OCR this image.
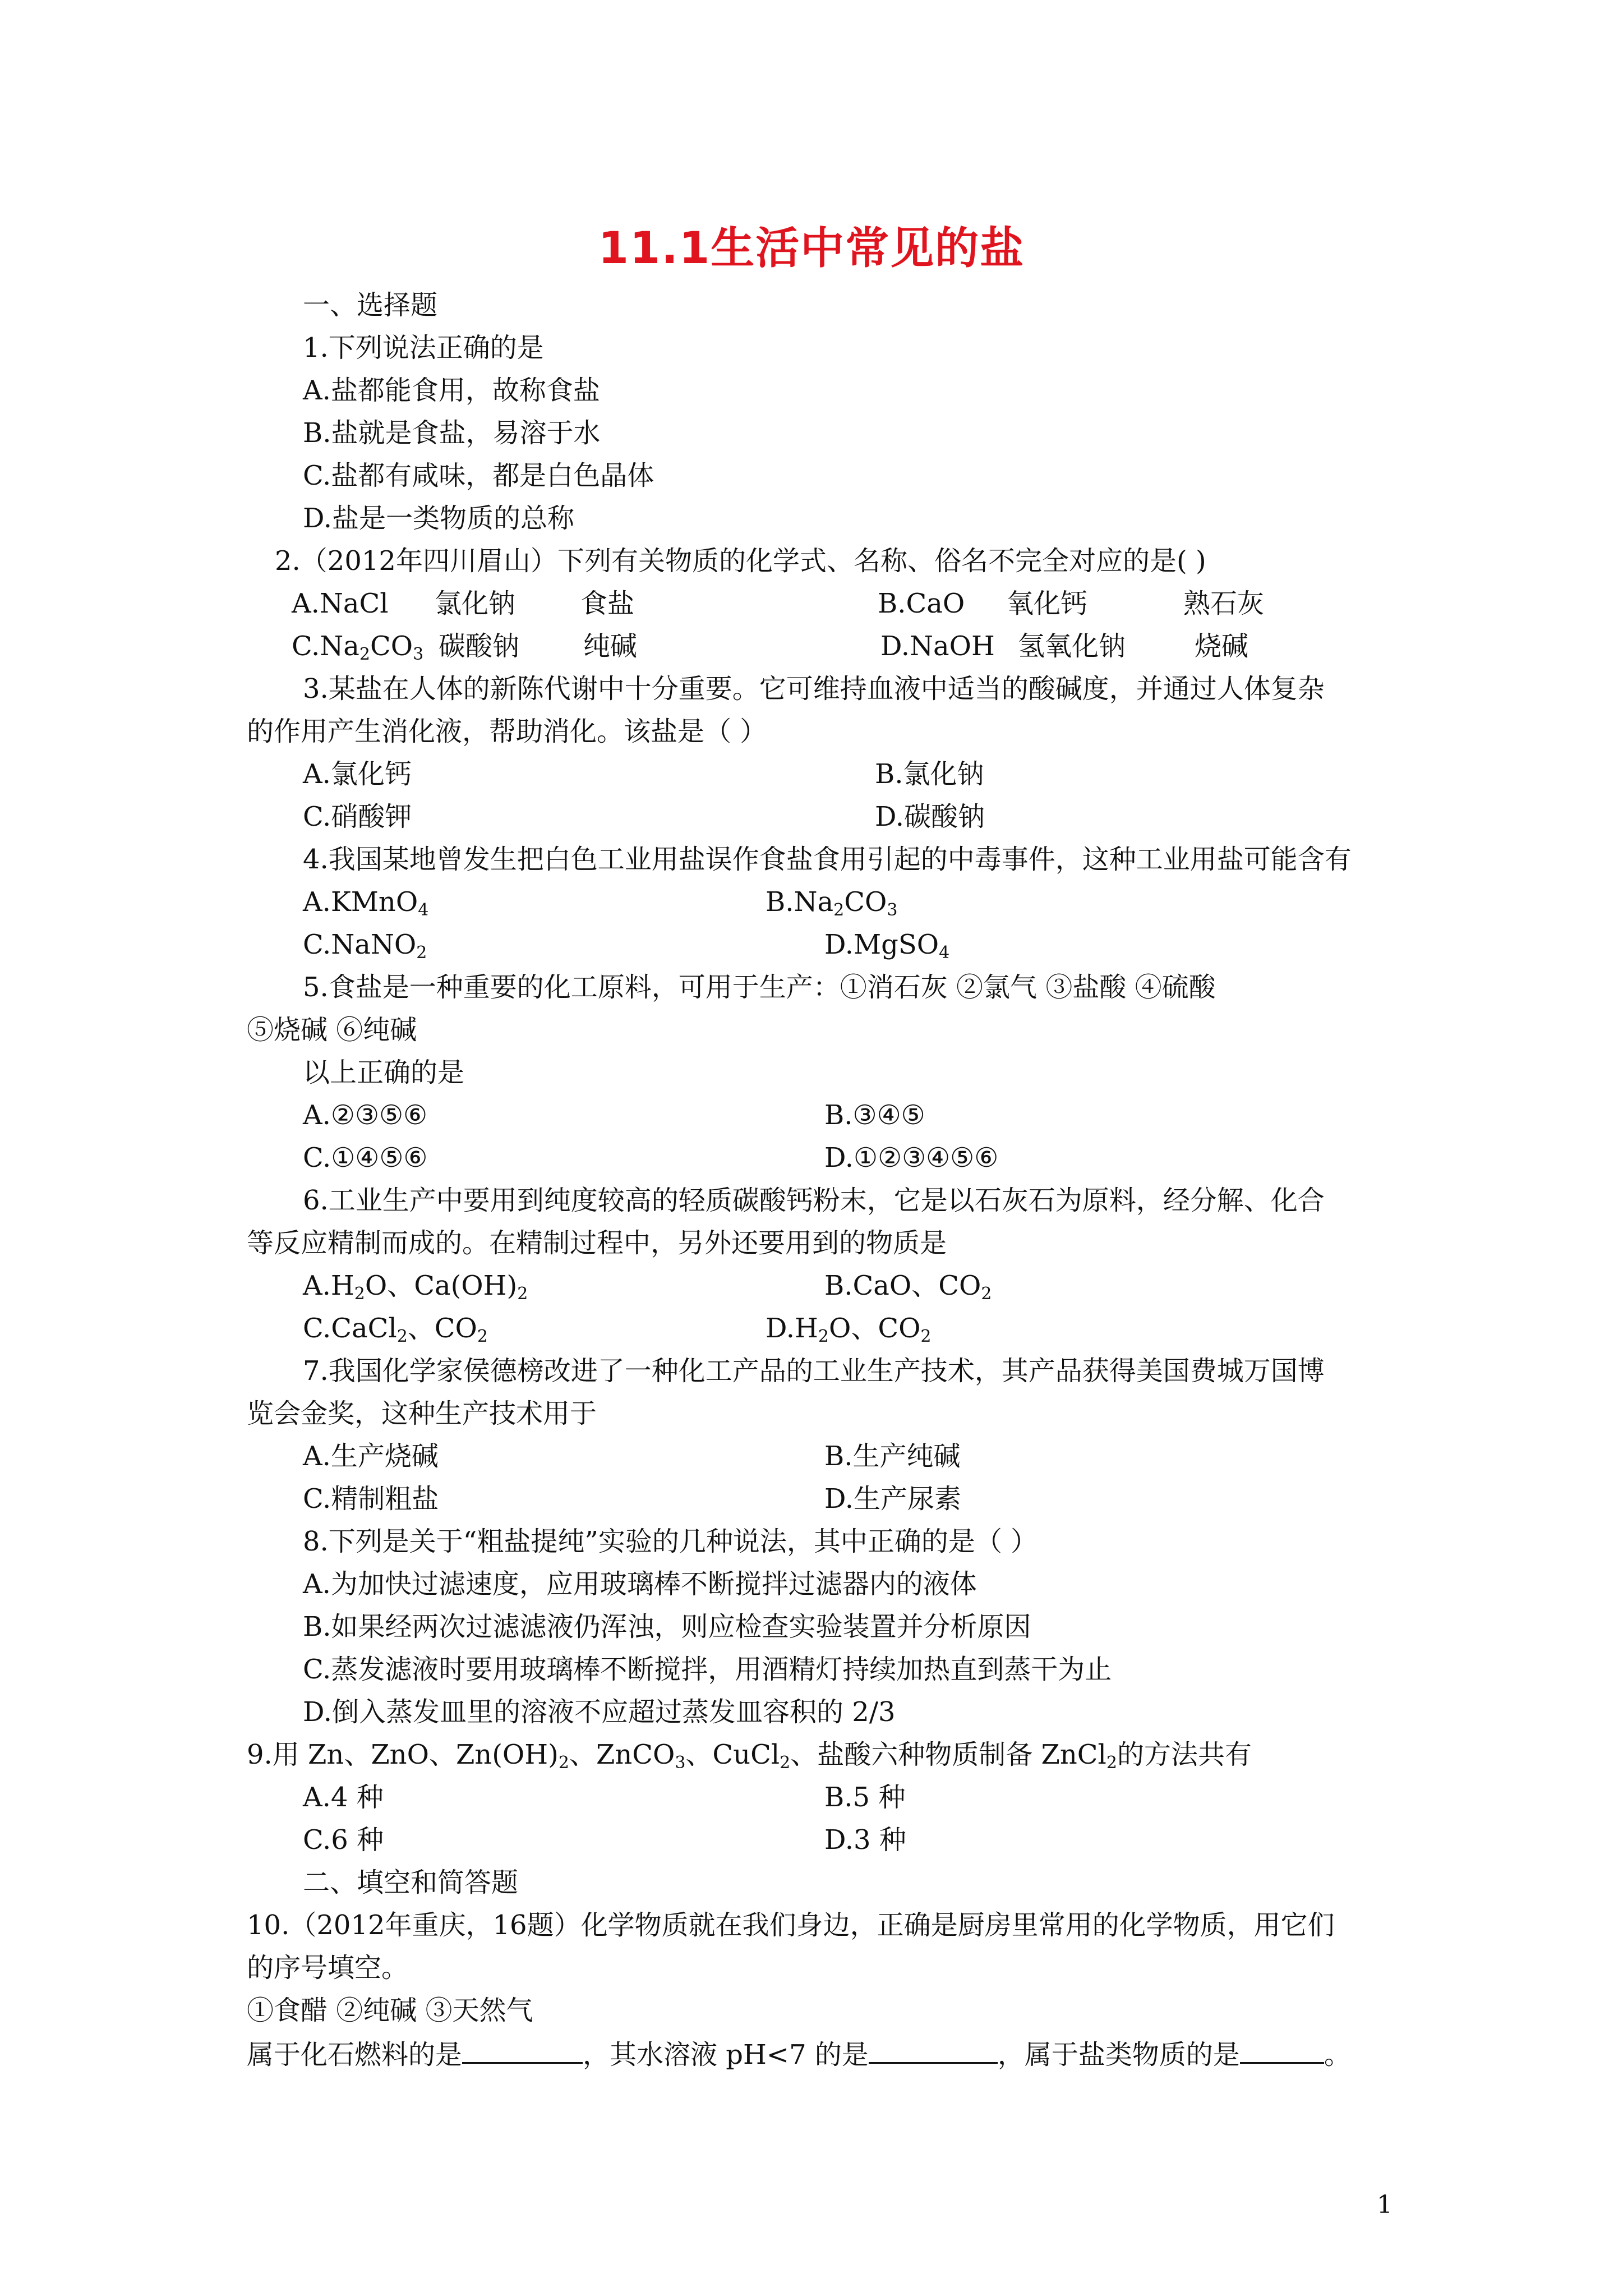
11.1生活中常见的盐
一、选择题
1.下列说法正确的是
A.盐都能食用，故称食盐
B.盐就是食盐，易溶于水
C.盐都有咸味，都是白色晶体
D.盐是一类物质的总称
2.（2012年四川眉山）下列有关物质的化学式、名称、俗名不完全对应的是( )
A.NaCl 氯化钠 食盐	B.CaO 氧化钙	熟石灰
$C.Na_2CO_3$ 碳酸钠 纯碱	D.NaOH 氢氧化钠	烧碱
3.某盐在人体的新陈代谢中十分重要。它可维持血液中适当的酸碱度，并通过人体复杂
的作用产生消化液，帮助消化。该盐是（ ）
A.氯化钙	B.氯化钠
C.硝酸钾	D.碳酸钠
4.我国某地曾发生把白色工业用盐误作食盐食用引起的中毒事件，这种工业用盐可能含有
A.KMnO$_4$	$B.Na_2CO_3$
C.NaNO$_2$	D.MgSO$_4$
5.食盐是一种重要的化工原料，可用于生产：①消石灰 ②氯气 ③盐酸 ④硫酸
⑤烧碱 ⑥纯碱
以上正确的是
A.②③⑤⑥	B.③④⑤
C.①④⑤⑥	D.①②③④⑤⑥
6.工业生产中要用到纯度较高的轻质碳酸钙粉末，它是以石灰石为原料，经分解、化合
等反应精制而成的。在精制过程中，另外还要用到的物质是
$A.H_2O$、$Ca(OH)_2$	B.CaO、$CO_2$
C.CaCl$_2$、$CO_2$	$D.H_2O$、$CO_2$
7.我国化学家侯德榜改进了一种化工产品的工业生产技术，其产品获得美国费城万国博
览会金奖，这种生产技术用于
A.生产烧碱	B.生产纯碱
C.精制粗盐	D.生产尿素
8.下列是关于“粗盐提纯”实验的几种说法，其中正确的是（ ）
A.为加快过滤速度，应用玻璃棒不断搅拌过滤器内的液体
B.如果经两次过滤滤液仍浑浊，则应检查实验装置并分析原因
C.蒸发滤液时要用玻璃棒不断搅拌，用酒精灯持续加热直到蒸干为止
D.倒入蒸发皿里的溶液不应超过蒸发皿容积的 2/3
9.用 Zn、ZnO、$Zn(OH)_2$、ZnCO$_3$、CuCl$_2$、盐酸六种物质制备 ZnCl$_2$的方法共有
A.4 种	B.5 种
C.6 种	D.3 种
二、填空和简答题
10.（2012年重庆，16题）化学物质就在我们身边，正确是厨房里常用的化学物质，用它们
的序号填空。
①食醋 ②纯碱 ③天然气
属于化石燃料的是	，其水溶液 pH<7 的是	，属于盐类物质的是	。
1
